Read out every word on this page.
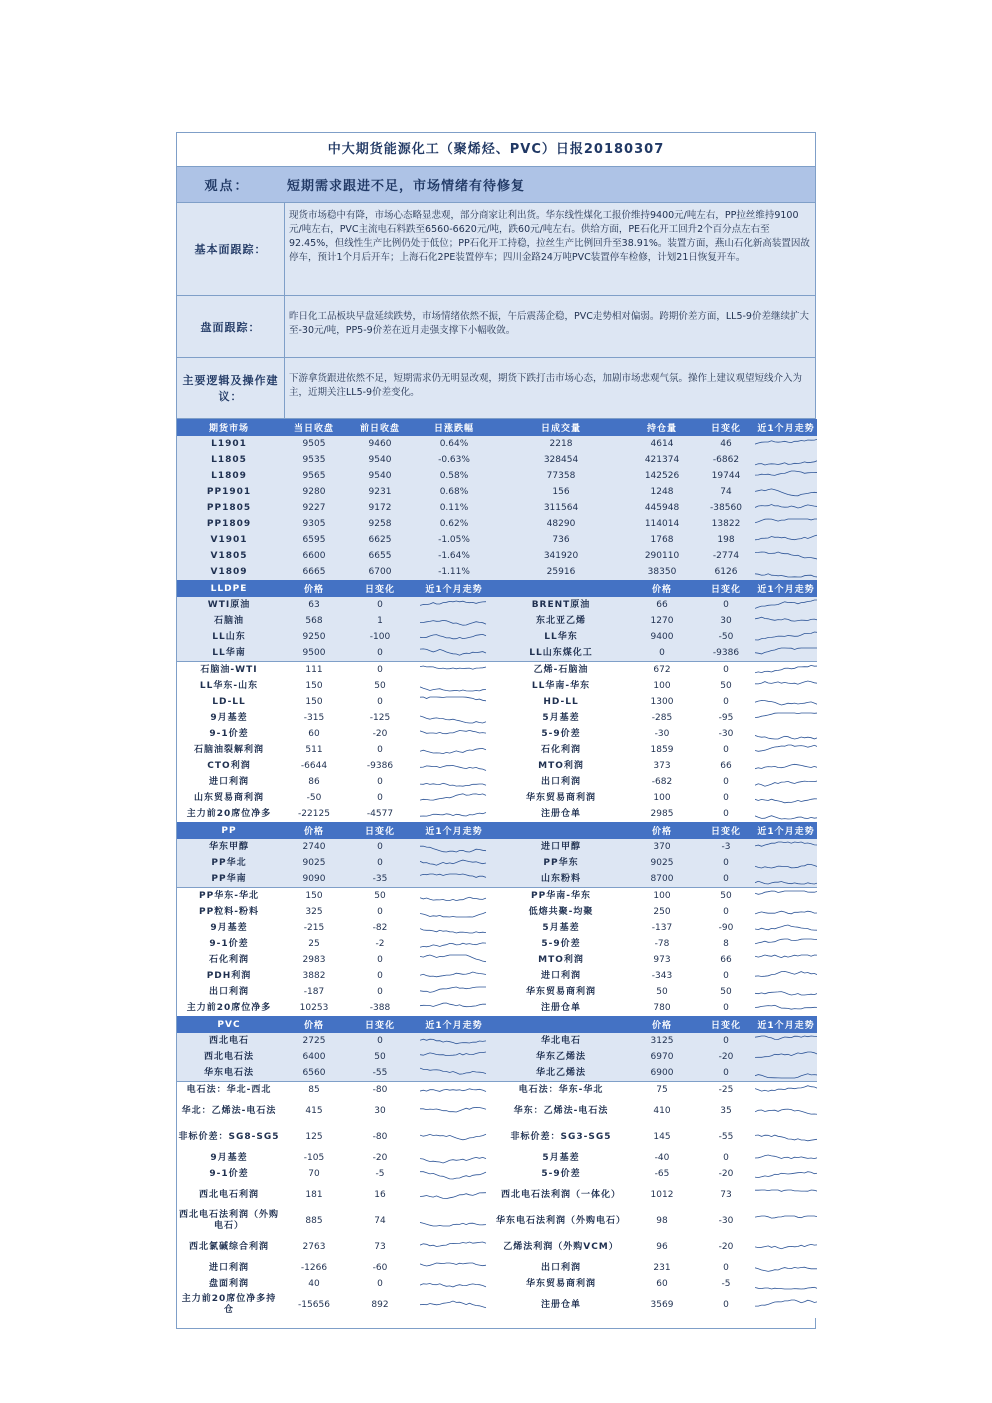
中大期货能源化工（聚烯烃、PVC）日报20180307
观点：	短期需求跟进不足，市场情绪有待修复
基本面跟踪：
现货市场稳中有降，市场心态略显悲观，部分商家让利出货。华东线性煤化工报价维持9400元/吨左右，PP拉丝维持9100元/吨左右，PVC主流电石料跌至6560-6620元/吨，跌60元/吨左右。供给方面，PE石化开工回升2个百分点左右至92.45%，但线性生产比例仍处于低位；PP石化开工持稳，拉丝生产比例回升至38.91%。装置方面，燕山石化新高装置因故停车，预计1个月后开车；上海石化2PE装置停车；四川金路24万吨PVC装置停车检修，计划21日恢复开车。
盘面跟踪：
昨日化工品板块早盘延续跌势，市场情绪依然不振，午后震荡企稳，PVC走势相对偏弱。跨期价差方面，LL5-9价差继续扩大至-30元/吨，PP5-9价差在近月走强支撑下小幅收敛。
主要逻辑及操作建议：
下游拿货跟进依然不足，短期需求仍无明显改观，期货下跌打击市场心态，加剧市场悲观气氛。操作上建议观望短线介入为主，近期关注LL5-9价差变化。
期货市场	当日收盘	前日收盘	日涨跌幅	日成交量	持仓量	日变化	近1个月走势
L1901	9505	9460	0.64%	2218	4614	46	

L1805	9535	9540	-0.63%	328454	421374	-6862	

L1809	9565	9540	0.58%	77358	142526	19744	

PP1901	9280	9231	0.68%	156	1248	74	

PP1805	9227	9172	0.11%	311564	445948	-38560	

PP1809	9305	9258	0.62%	48290	114014	13822	

V1901	6595	6625	-1.05%	736	1768	198	

V1805	6600	6655	-1.64%	341920	290110	-2774	

V1809	6665	6700	-1.11%	25916	38350	6126	

LLDPE	价格	日变化	近1个月走势		价格	日变化	近1个月走势
WTI原油	63	0		BRENT原油	66	0	

石脑油	568	1		东北亚乙烯	1270	30	

LL山东	9250	-100		LL华东	9400	-50	

LL华南	9500	0		LL山东煤化工	0	-9386	

石脑油-WTI	111	0		乙烯-石脑油	672	0	

LL华东-山东	150	50		LL华南-华东	100	50	

LD-LL	150	0		HD-LL	1300	0	

9月基差	-315	-125		5月基差	-285	-95	

9-1价差	60	-20		5-9价差	-30	-30	

石脑油裂解利润	511	0		石化利润	1859	0	

CTO利润	-6644	-9386		MTO利润	373	66	

进口利润	86	0		出口利润	-682	0	

山东贸易商利润	-50	0		华东贸易商利润	100	0	

主力前20席位净多	-22125	-4577		注册仓单	2985	0	

PP	价格	日变化	近1个月走势		价格	日变化	近1个月走势
华东甲醇	2740	0		进口甲醇	370	-3	

PP华北	9025	0		PP华东	9025	0	

PP华南	9090	-35		山东粉料	8700	0	

PP华东-华北	150	50		PP华南-华东	100	50	

PP粒料-粉料	325	0		低熔共聚-均聚	250	0	

9月基差	-215	-82		5月基差	-137	-90	

9-1价差	25	-2		5-9价差	-78	8	

石化利润	2983	0		MTO利润	973	66	

PDH利润	3882	0		进口利润	-343	0	

出口利润	-187	0		华东贸易商利润	50	50	

主力前20席位净多	10253	-388		注册仓单	780	0	

PVC	价格	日变化	近1个月走势		价格	日变化	近1个月走势
西北电石	2725	0		华北电石	3125	0	

西北电石法	6400	50		华东乙烯法	6970	-20	

华东电石法	6560	-55		华北乙烯法	6900	0	

电石法：华北-西北	85	-80		电石法：华东-华北	75	-25	

华北：乙烯法-电石法	415	30		华东：乙烯法-电石法	410	35	

非标价差：SG8-SG5	125	-80		非标价差：SG3-SG5	145	-55	

9月基差	-105	-20		5月基差	-40	0	

9-1价差	70	-5		5-9价差	-65	-20	

西北电石利润	181	16		西北电石法利润（一体化）	1012	73	

西北电石法利润（外购电石）	885	74		华东电石法利润（外购电石）	98	-30	

西北氯碱综合利润	2763	73		乙烯法利润（外购VCM）	96	-20	

进口利润	-1266	-60		出口利润	231	0	

盘面利润	40	0		华东贸易商利润	60	-5	

主力前20席位净多持仓	-15656	892		注册仓单	3569	0	
